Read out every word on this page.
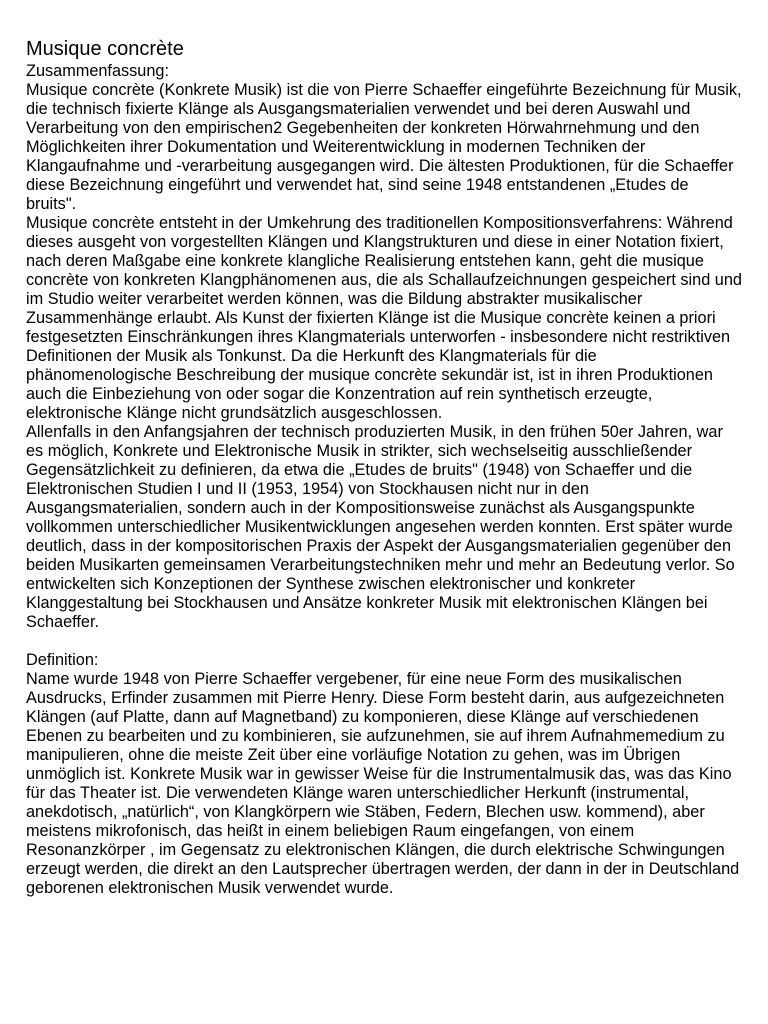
Musique concrète
Zusammenfassung:

Musique concrète (Konkrete Musik) ist die von Pierre Schaeffer eingeführte Bezeichnung für Musik, die technisch fixierte Klänge als Ausgangsmaterialien verwendet und bei deren Auswahl und Verarbeitung von den empirischen2 Gegebenheiten der konkreten Hörwahrnehmung und den Möglichkeiten ihrer Dokumentation und Weiterentwicklung in modernen Techniken der Klangaufnahme und -verarbeitung ausgegangen wird. Die ältesten Produktionen, für die Schaeffer diese Bezeichnung eingeführt und verwendet hat, sind seine 1948 entstandenen „Etudes de bruits".

Musique concrète entsteht in der Umkehrung des traditionellen Kompositionsverfahrens: Während dieses ausgeht von vorgestellten Klängen und Klangstrukturen und diese in einer Notation fixiert, nach deren Maßgabe eine konkrete klangliche Realisierung entstehen kann, geht die musique concrète von konkreten Klangphänomenen aus, die als Schallaufzeichnungen gespeichert sind und im Studio weiter verarbeitet werden können, was die Bildung abstrakter musikalischer Zusammenhänge erlaubt. Als Kunst der fixierten Klänge ist die Musique concrète keinen a priori festgesetzten Einschränkungen ihres Klangmaterials unterworfen - insbesondere nicht restriktiven Definitionen der Musik als Tonkunst. Da die Herkunft des Klangmaterials für die phänomenologische Beschreibung der musique concrète sekundär ist, ist in ihren Produktionen auch die Einbeziehung von oder sogar die Konzentration auf rein synthetisch erzeugte, elektronische Klänge nicht grundsätzlich ausgeschlossen.

Allenfalls in den Anfangsjahren der technisch produzierten Musik, in den frühen 50er Jahren, war es möglich, Konkrete und Elektronische Musik in strikter, sich wechselseitig ausschließender Gegensätzlichkeit zu definieren, da etwa die „Etudes de bruits" (1948) von Schaeffer und die Elektronischen Studien I und II (1953, 1954) von Stockhausen nicht nur in den Ausgangsmaterialien, sondern auch in der Kompositionsweise zunächst als Ausgangspunkte vollkommen unterschiedlicher Musikentwicklungen angesehen werden konnten. Erst später wurde deutlich, dass in der kompositorischen Praxis der Aspekt der Ausgangsmaterialien gegenüber den beiden Musikarten gemeinsamen Verarbeitungstechniken mehr und mehr an Bedeutung verlor. So entwickelten sich Konzeptionen der Synthese zwischen elektronischer und konkreter Klanggestaltung bei Stockhausen und Ansätze konkreter Musik mit elektronischen Klängen bei Schaeffer.

Definition:

Name wurde 1948 von Pierre Schaeffer vergebener, für eine neue Form des musikalischen Ausdrucks, Erfinder zusammen mit Pierre Henry. Diese Form besteht darin, aus aufgezeichneten Klängen (auf Platte, dann auf Magnetband) zu komponieren, diese Klänge auf verschiedenen Ebenen zu bearbeiten und zu kombinieren, sie aufzunehmen, sie auf ihrem Aufnahmemedium zu manipulieren, ohne die meiste Zeit über eine vorläufige Notation zu gehen, was im Übrigen unmöglich ist. Konkrete Musik war in gewisser Weise für die Instrumentalmusik das, was das Kino für das Theater ist. Die verwendeten Klänge waren unterschiedlicher Herkunft (instrumental, anekdotisch, „natürlich“, von Klangkörpern wie Stäben, Federn, Blechen usw. kommend), aber meistens mikrofonisch, das heißt in einem beliebigen Raum eingefangen, von einem Resonanzkörper , im Gegensatz zu elektronischen Klängen, die durch elektrische Schwingungen erzeugt werden, die direkt an den Lautsprecher übertragen werden, der dann in der in Deutschland geborenen elektronischen Musik verwendet wurde.
